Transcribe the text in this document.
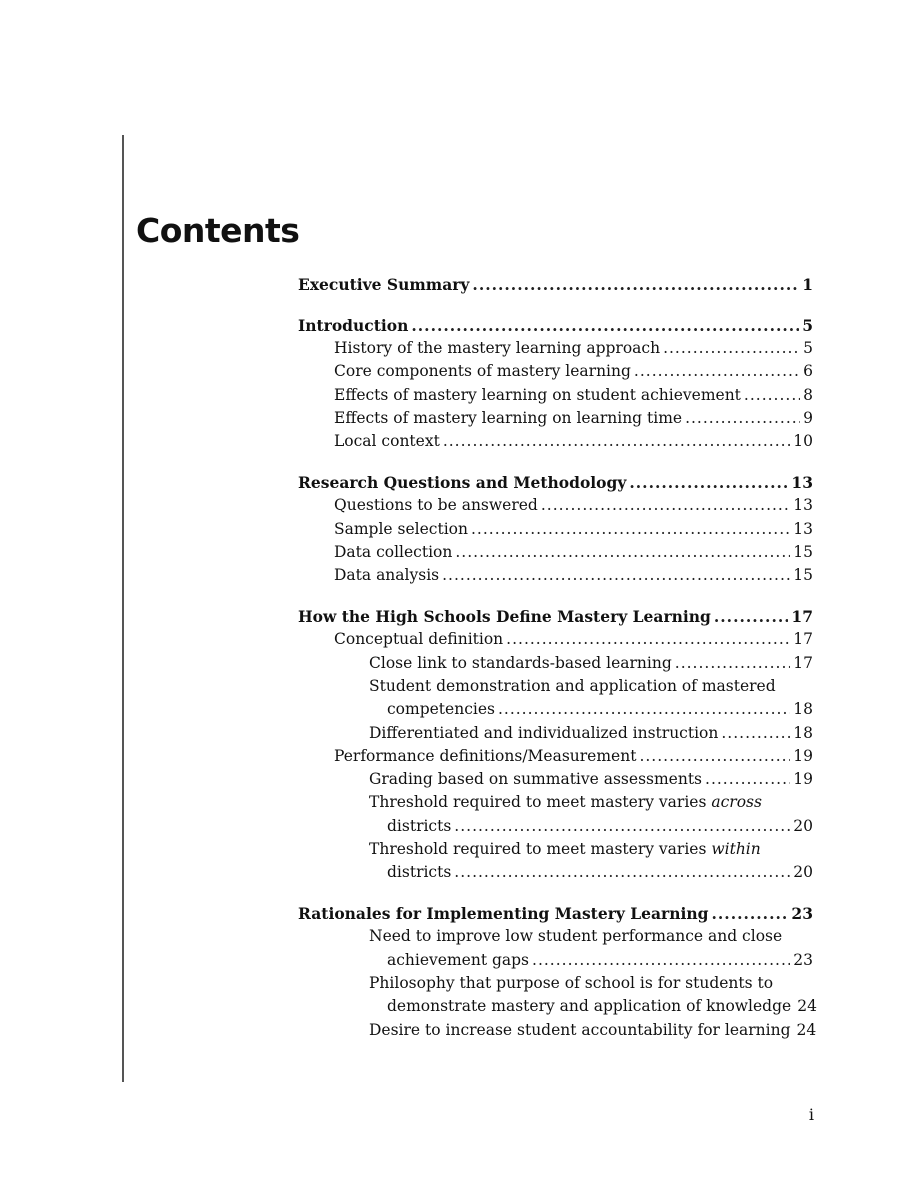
Contents
Executive Summary .....	1
Introduction .....	5
History of the mastery learning approach .....	5
Core components of mastery learning .....	6
Effects of mastery learning on student achievement .....	8
Effects of mastery learning on learning time .....	9
Local context .....	10
Research Questions and Methodology .....	13
Questions to be answered .....	13
Sample selection .....	13
Data collection .....	15
Data analysis .....	15
How the High Schools Define Mastery Learning .....	17
Conceptual definition .....	17
Close link to standards-based learning .....	17
Student demonstration and application of mastered
competencies .....	18
Differentiated and individualized instruction .....	18
Performance definitions/Measurement .....	19
Grading based on summative assessments .....	19
Threshold required to meet mastery varies across
districts .....	20
Threshold required to meet mastery varies within
districts .....	20
Rationales for Implementing Mastery Learning .....	23
Need to improve low student performance and close
achievement gaps .....	23
Philosophy that purpose of school is for students to
demonstrate mastery and application of knowledge 24
Desire to increase student accountability for learning 24
i
